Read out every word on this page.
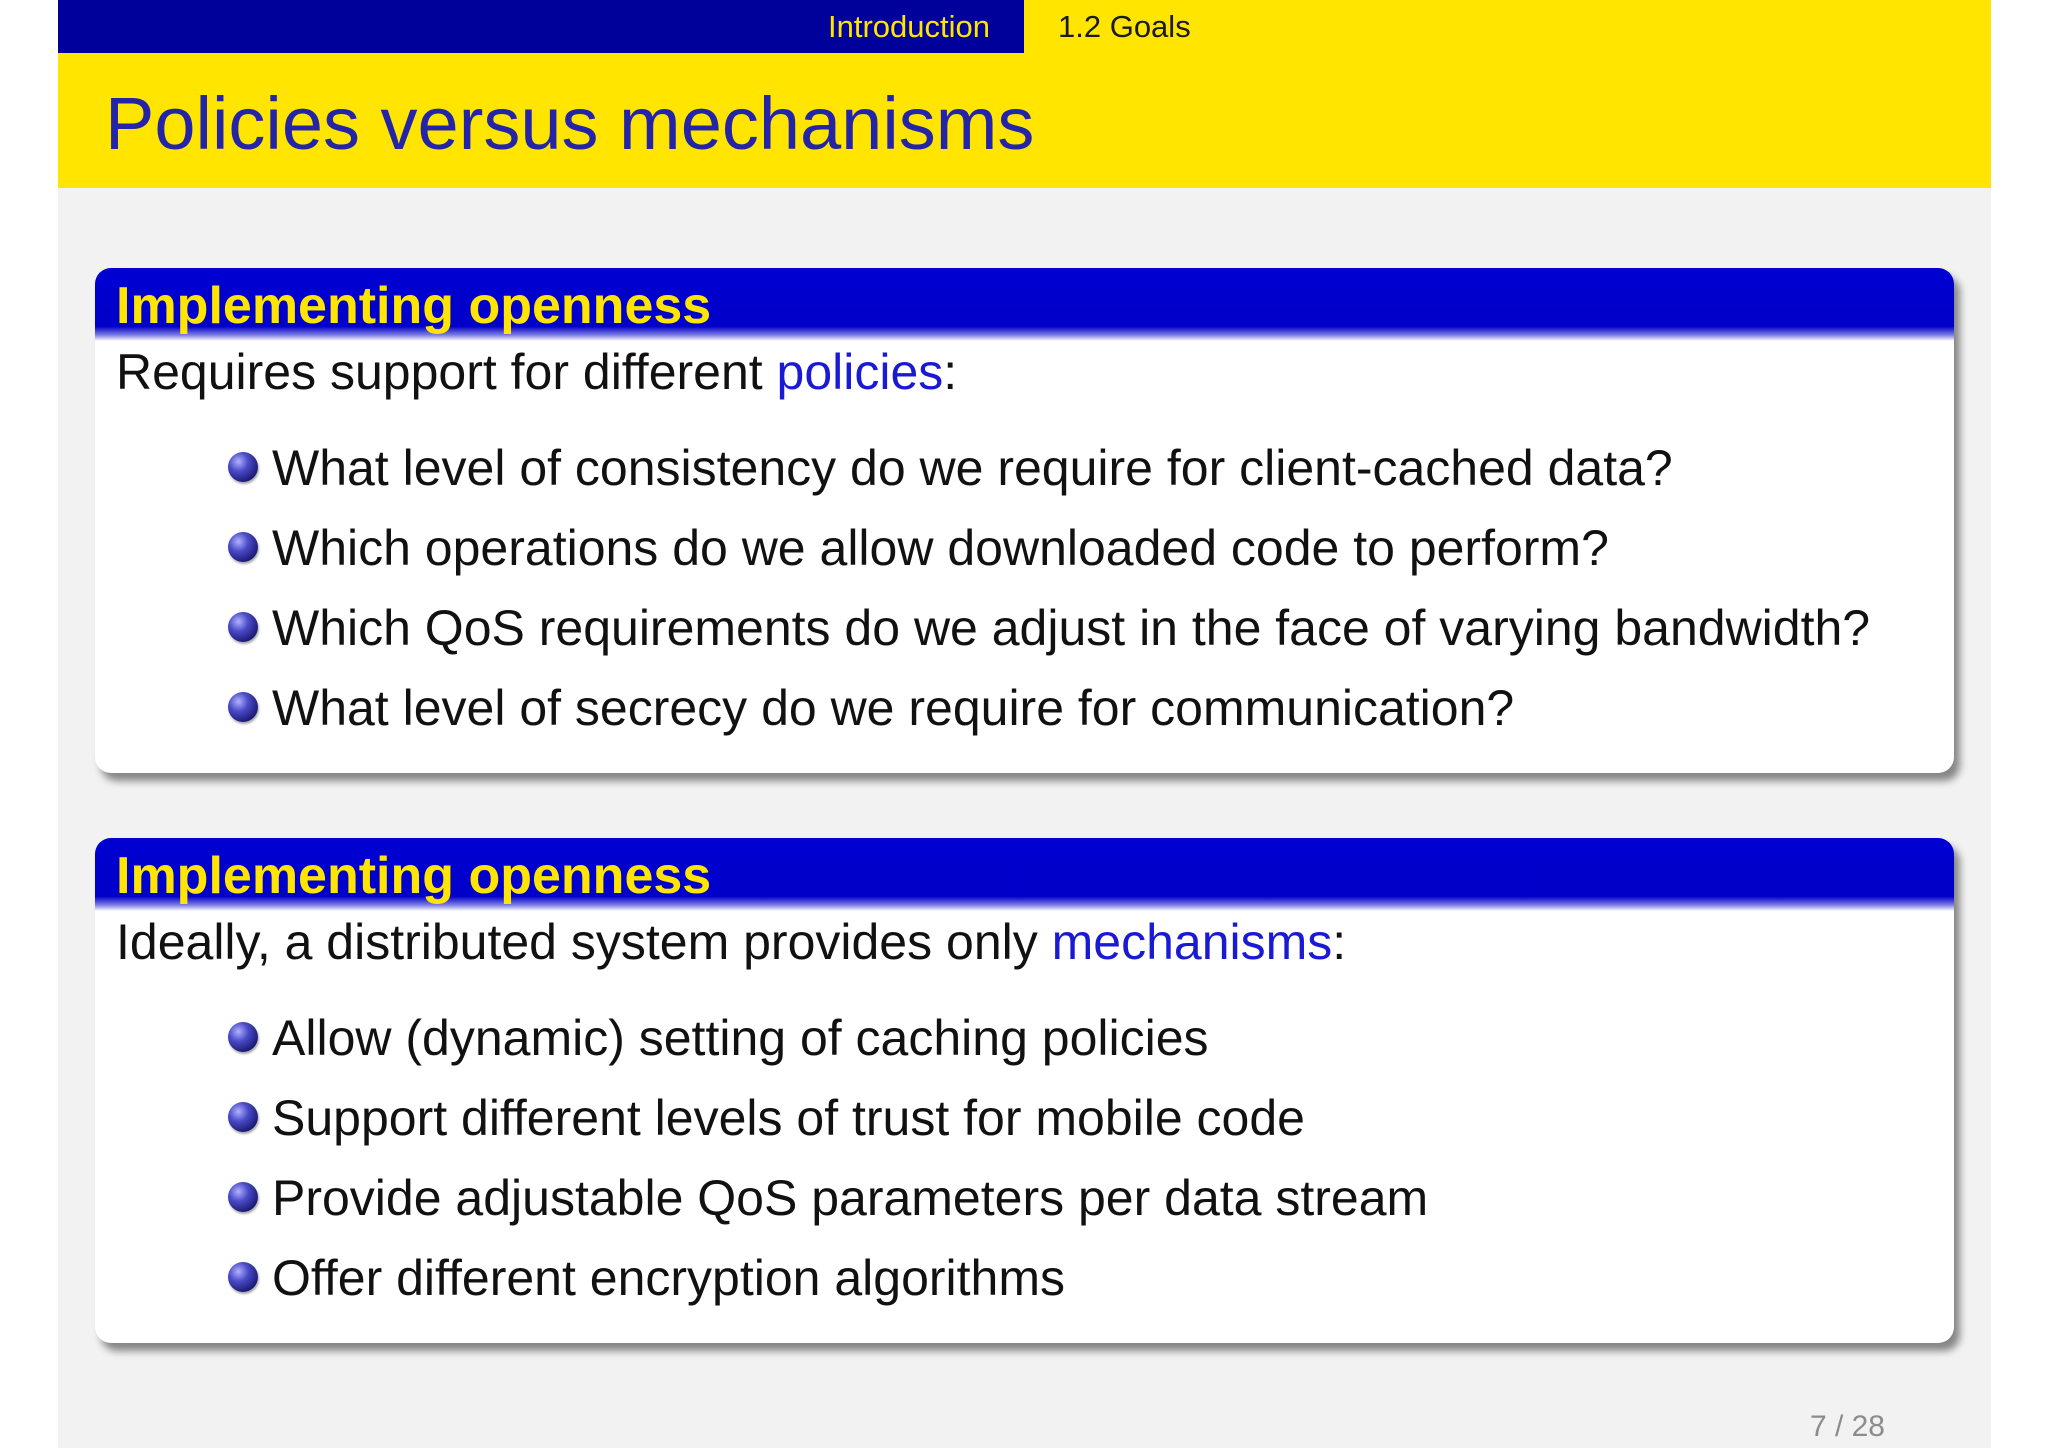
Introduction 1.2 Goals
Policies versus mechanisms
Implementing openness
Requires support for different policies:
What level of consistency do we require for client-cached data?
Which operations do we allow downloaded code to perform?
Which QoS requirements do we adjust in the face of varying bandwidth?
What level of secrecy do we require for communication?
Implementing openness
Ideally, a distributed system provides only mechanisms:
Allow (dynamic) setting of caching policies
Support different levels of trust for mobile code
Provide adjustable QoS parameters per data stream
Offer different encryption algorithms
7 / 28
